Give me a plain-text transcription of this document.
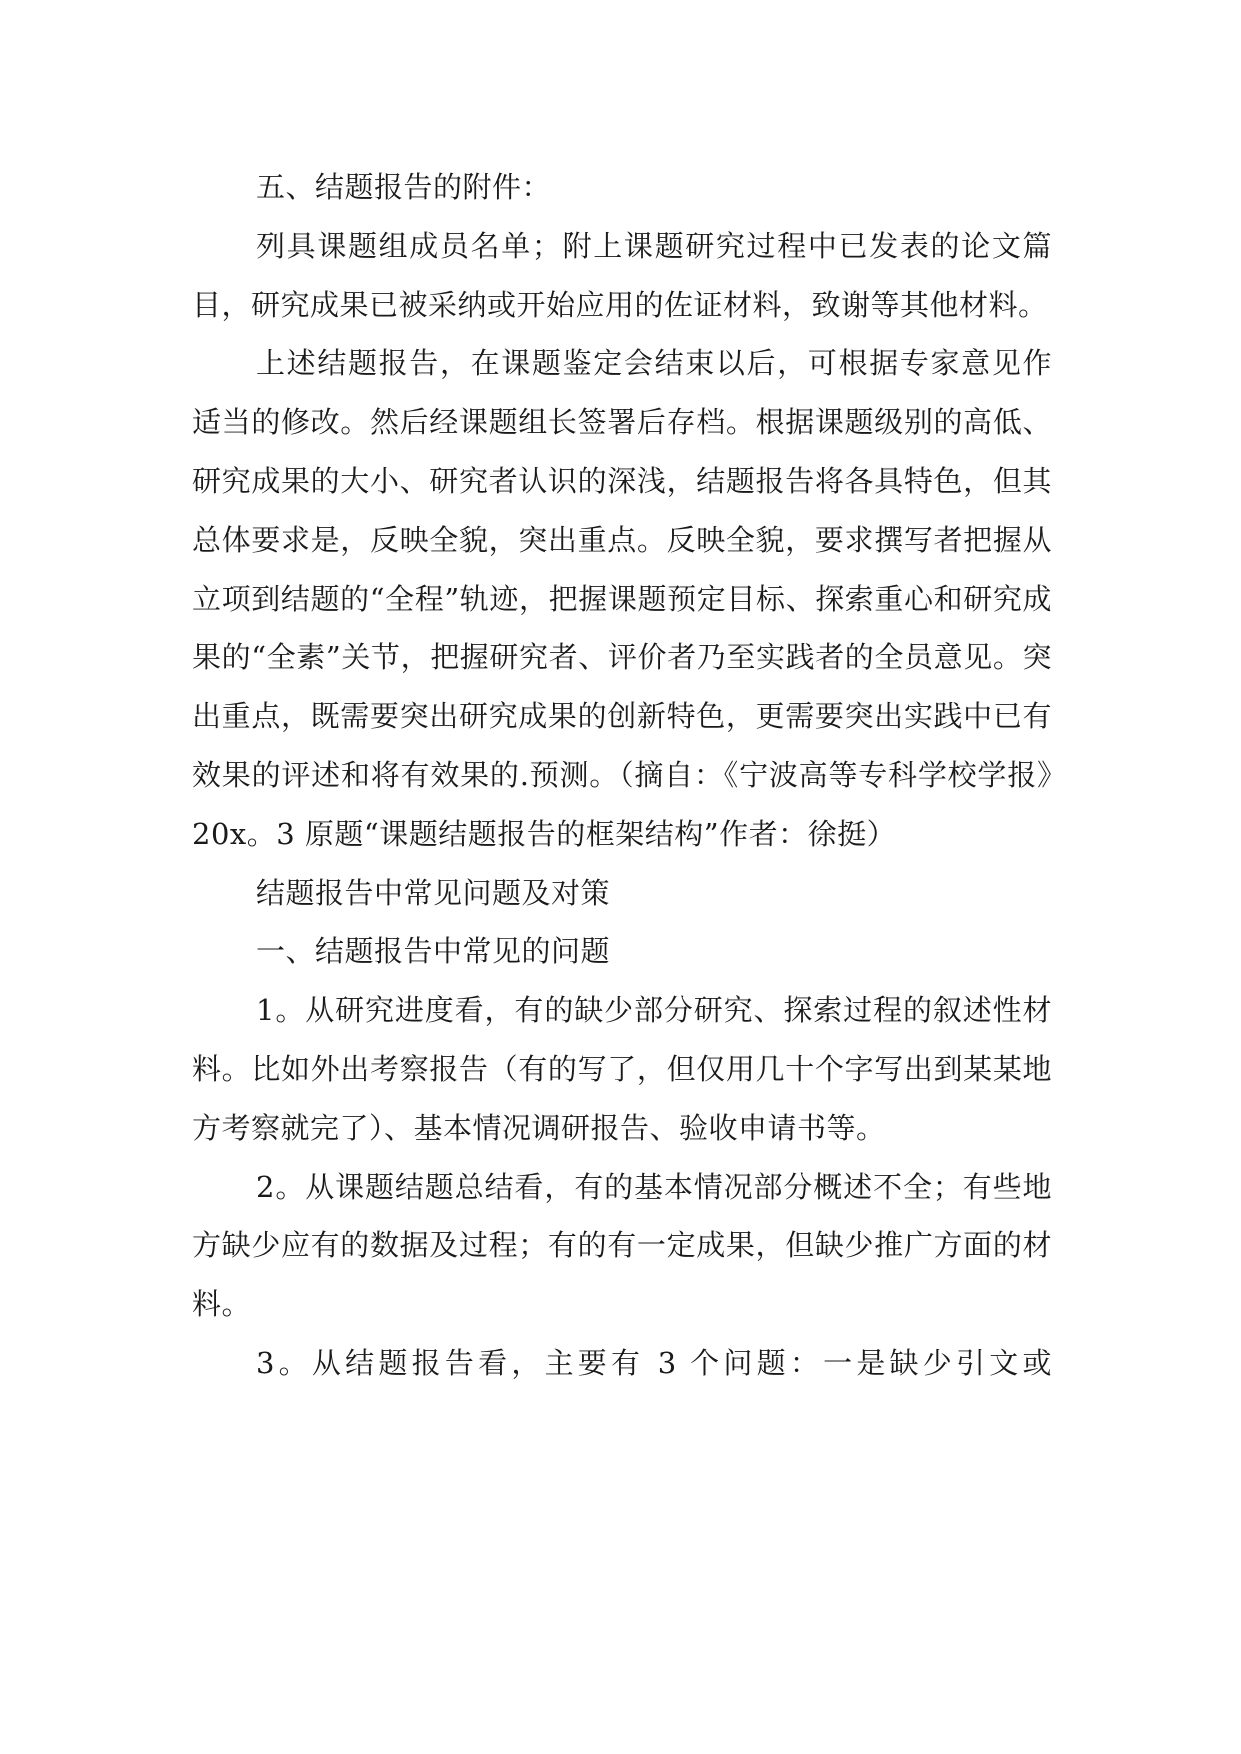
五、结题报告的附件：

列具课题组成员名单；附上课题研究过程中已发表的论文篇目，研究成果已被采纳或开始应用的佐证材料，致谢等其他材料。

上述结题报告，在课题鉴定会结束以后，可根据专家意见作适当的修改。然后经课题组长签署后存档。根据课题级别的高低、研究成果的大小、研究者认识的深浅，结题报告将各具特色，但其总体要求是，反映全貌，突出重点。反映全貌，要求撰写者把握从立项到结题的“全程”轨迹，把握课题预定目标、探索重心和研究成果的“全素”关节，把握研究者、评价者乃至实践者的全员意见。突出重点，既需要突出研究成果的创新特色，更需要突出实践中已有效果的评述和将有效果的.预测。（摘自：《宁波高等专科学校学报》20x。3 原题“课题结题报告的框架结构”作者：徐挺）

结题报告中常见问题及对策

一、结题报告中常见的问题

1。从研究进度看，有的缺少部分研究、探索过程的叙述性材料。比如外出考察报告（有的写了，但仅用几十个字写出到某某地方考察就完了）、基本情况调研报告、验收申请书等。

2。从课题结题总结看，有的基本情况部分概述不全；有些地方缺少应有的数据及过程；有的有一定成果，但缺少推广方面的材料。

3。从结题报告看，主要有 3 个问题：一是缺少引文或
